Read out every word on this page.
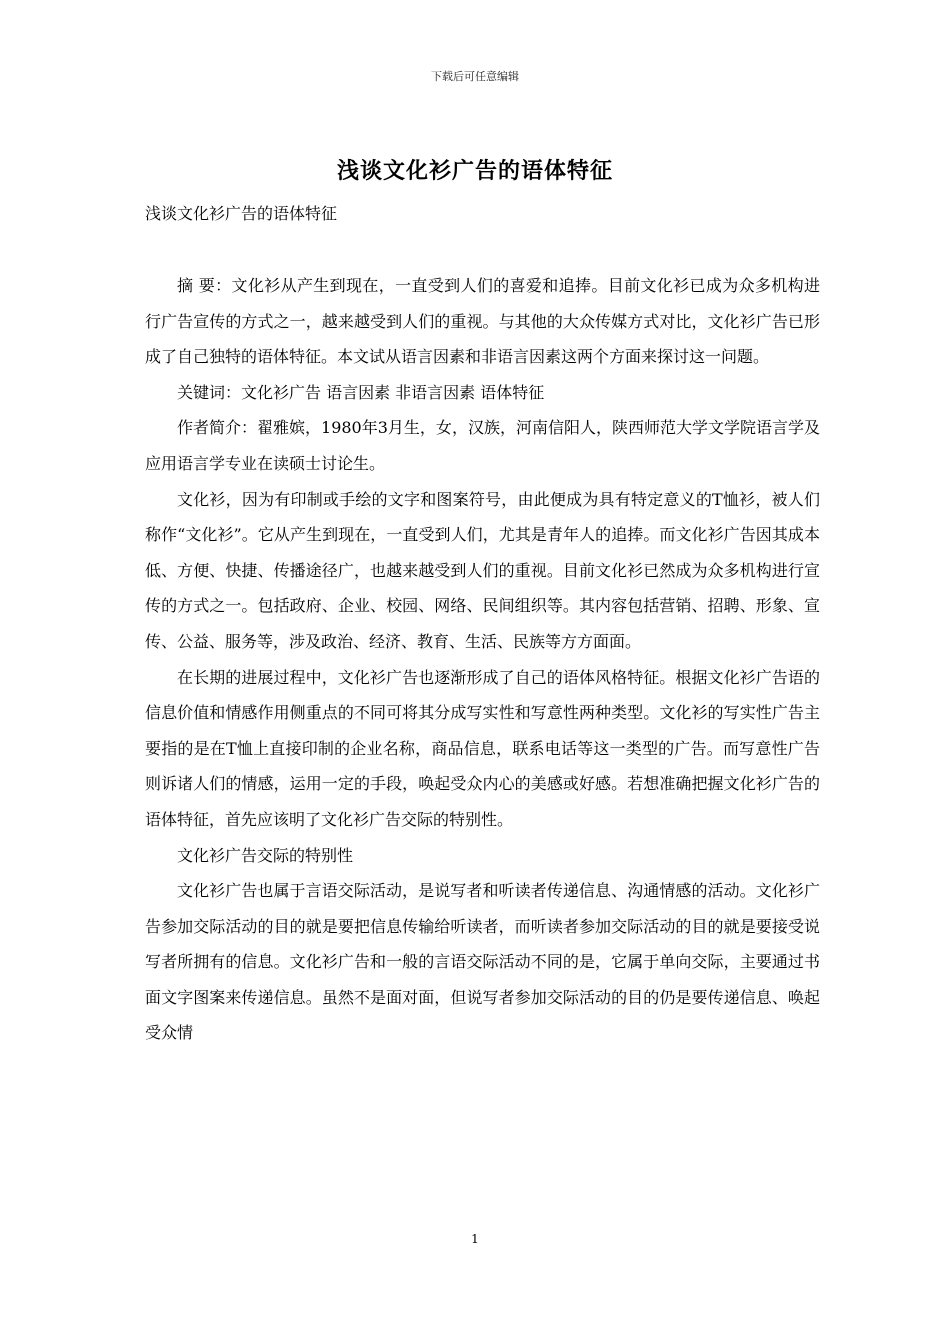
下载后可任意编辑
浅谈文化衫广告的语体特征
浅谈文化衫广告的语体特征

摘 要：文化衫从产生到现在，一直受到人们的喜爱和追捧。目前文化衫已成为众多机构进行广告宣传的方式之一，越来越受到人们的重视。与其他的大众传媒方式对比，文化衫广告已形成了自己独特的语体特征。本文试从语言因素和非语言因素这两个方面来探讨这一问题。

关键词：文化衫广告 语言因素 非语言因素 语体特征

作者简介：翟雅嫔，1980年3月生，女，汉族，河南信阳人，陕西师范大学文学院语言学及应用语言学专业在读硕士讨论生。

文化衫，因为有印制或手绘的文字和图案符号，由此便成为具有特定意义的T恤衫，被人们称作“文化衫”。它从产生到现在，一直受到人们，尤其是青年人的追捧。而文化衫广告因其成本低、方便、快捷、传播途径广，也越来越受到人们的重视。目前文化衫已然成为众多机构进行宣传的方式之一。包括政府、企业、校园、网络、民间组织等。其内容包括营销、招聘、形象、宣传、公益、服务等，涉及政治、经济、教育、生活、民族等方方面面。

在长期的进展过程中，文化衫广告也逐渐形成了自己的语体风格特征。根据文化衫广告语的信息价值和情感作用侧重点的不同可将其分成写实性和写意性两种类型。文化衫的写实性广告主要指的是在T恤上直接印制的企业名称，商品信息，联系电话等这一类型的广告。而写意性广告则诉诸人们的情感，运用一定的手段，唤起受众内心的美感或好感。若想准确把握文化衫广告的语体特征，首先应该明了文化衫广告交际的特别性。

文化衫广告交际的特别性

文化衫广告也属于言语交际活动，是说写者和听读者传递信息、沟通情感的活动。文化衫广告参加交际活动的目的就是要把信息传输给听读者，而听读者参加交际活动的目的就是要接受说写者所拥有的信息。文化衫广告和一般的言语交际活动不同的是，它属于单向交际，主要通过书面文字图案来传递信息。虽然不是面对面，但说写者参加交际活动的目的仍是要传递信息、唤起受众情

1
